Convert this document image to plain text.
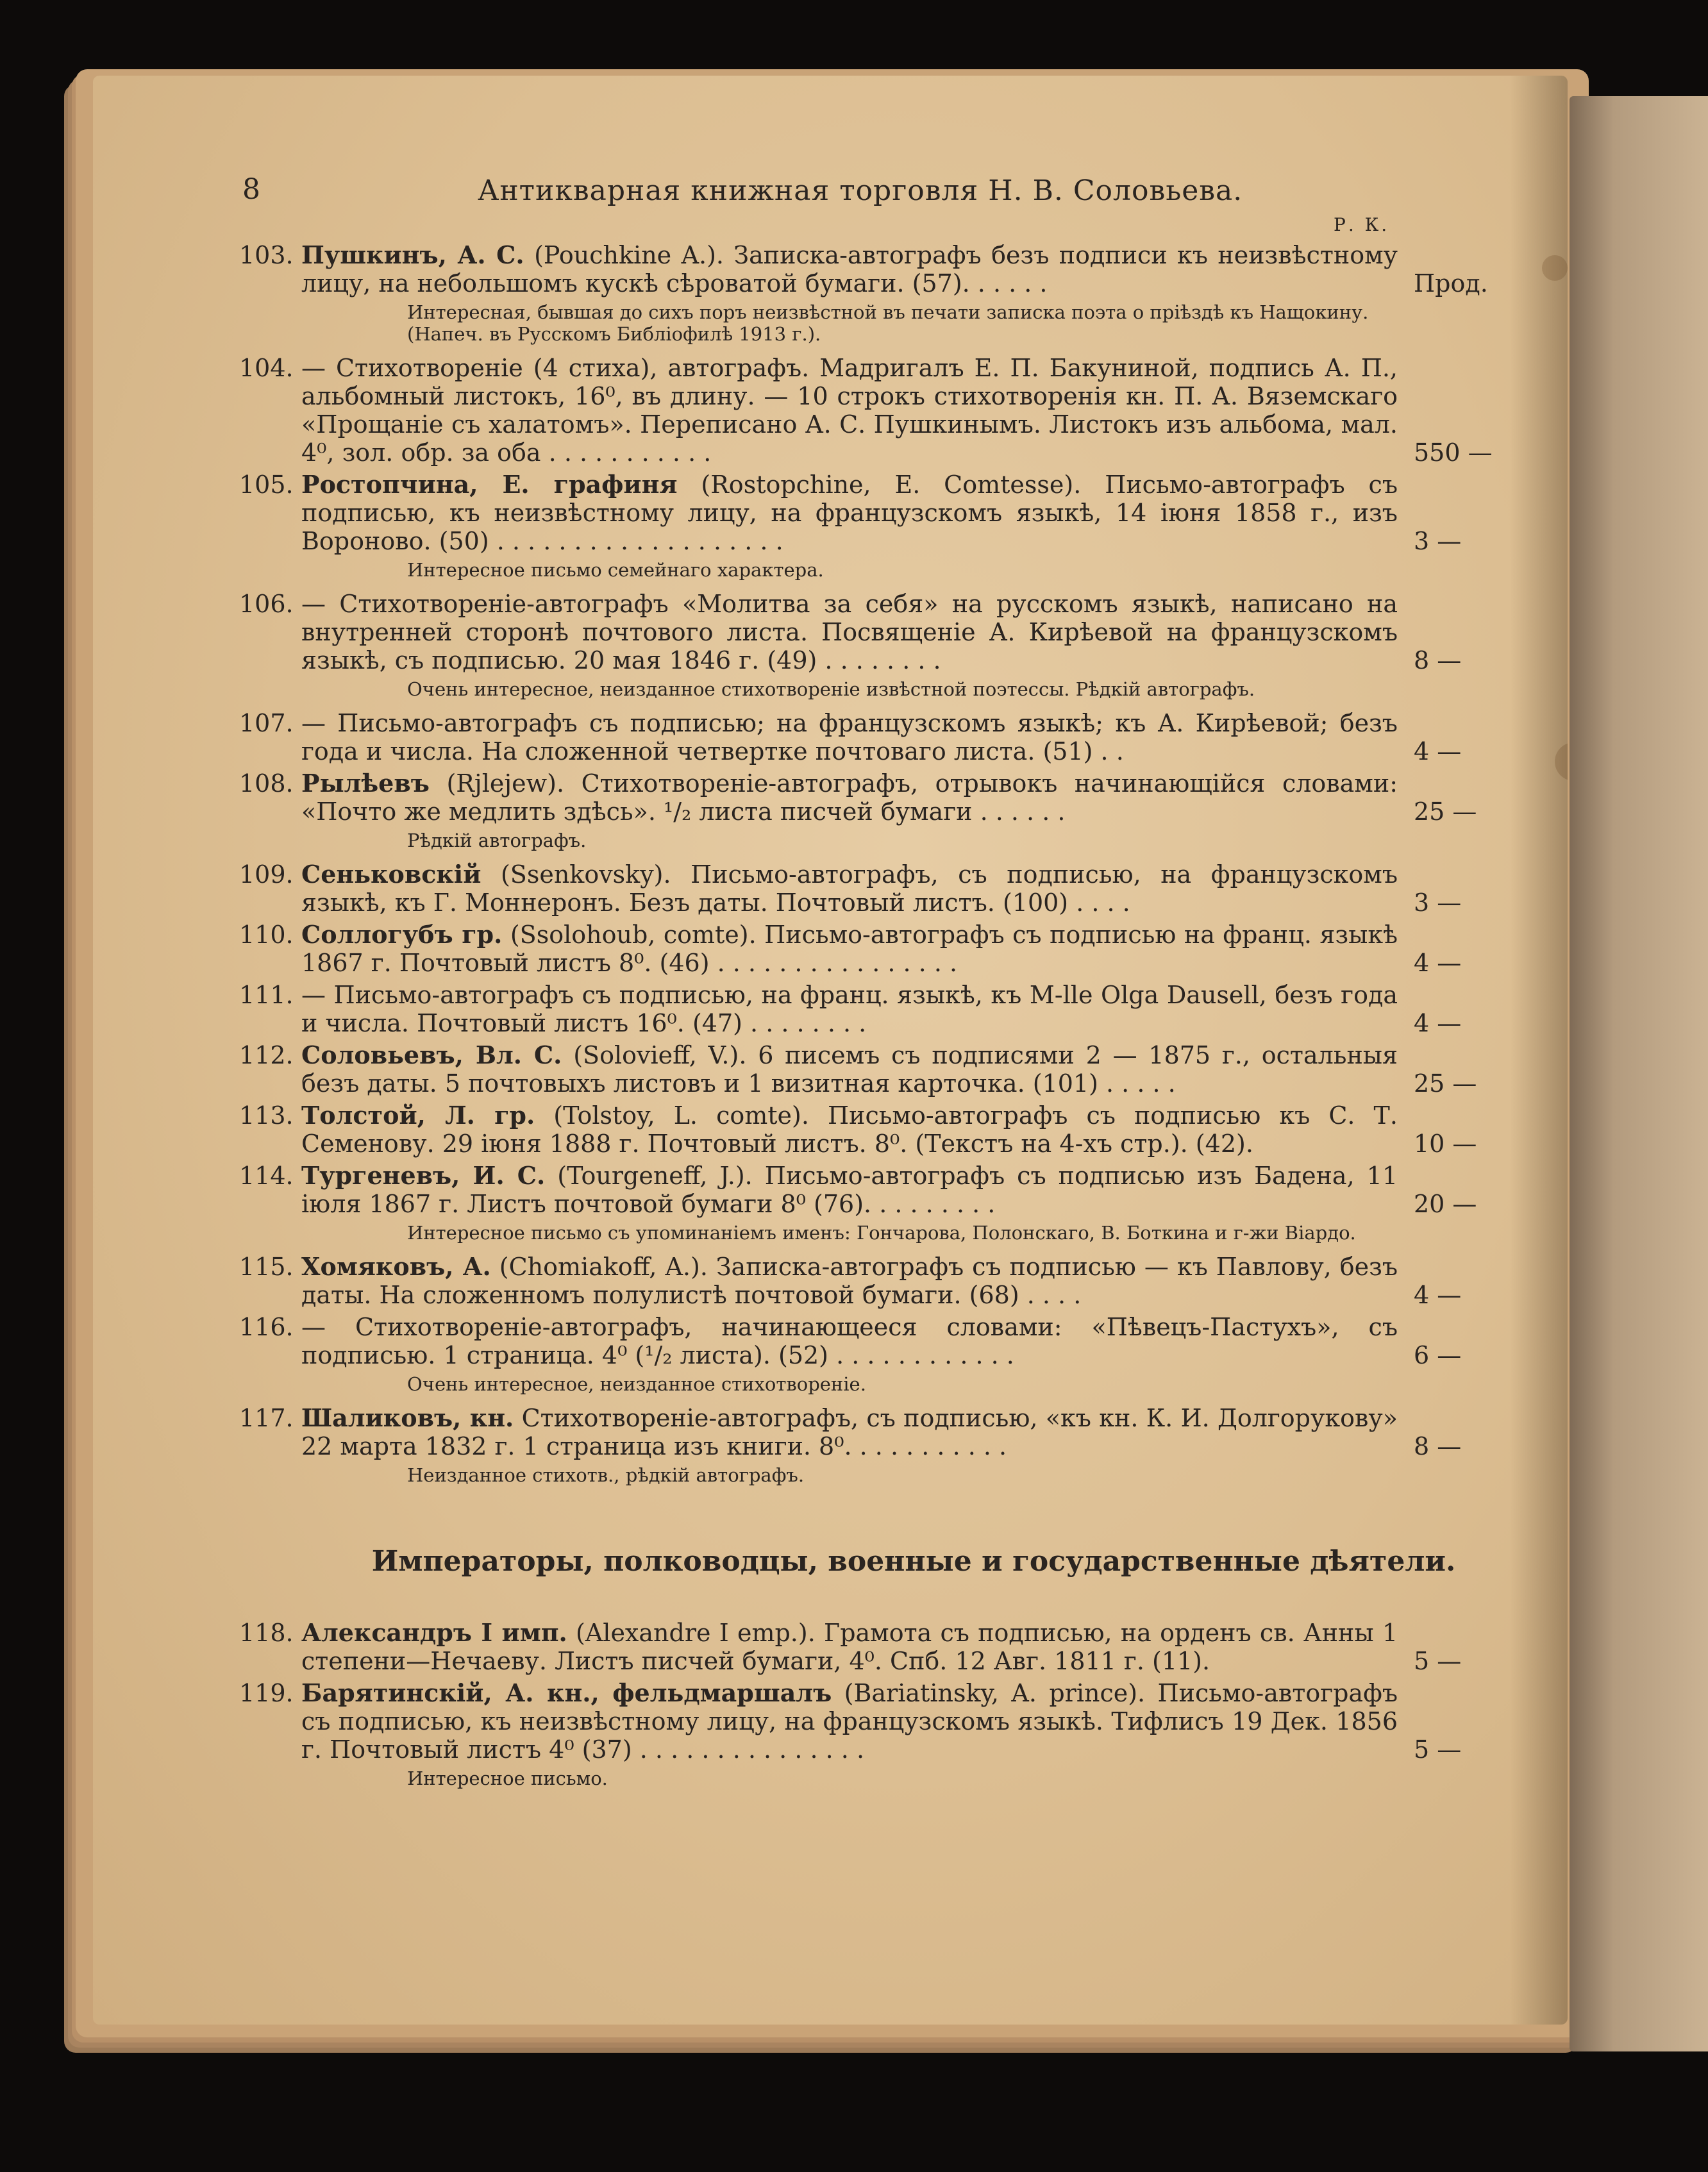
8	Антикварная книжная торговля Н. В. Соловьева.
Р. К.
103. Пушкинъ, А. С. (Pouchkine A.). Записка-автографъ безъ подписи къ неизвѣстному лицу, на небольшомъ кускѣ сѣроватой бумаги. (57). . . . . .	Прод.
Интересная, бывшая до сихъ поръ неизвѣстной въ печати записка поэта о пріѣздѣ къ Нащокину. (Напеч. въ Русскомъ Библіофилѣ 1913 г.).
104. — Стихотвореніе (4 стиха), автографъ. Мадригалъ Е. П. Бакуниной, подпись А. П., альбомный листокъ, 16⁰, въ длину. — 10 строкъ стихотворенія кн. П. А. Вяземскаго «Прощаніе съ халатомъ». Переписано А. С. Пушкинымъ. Листокъ изъ альбома, мал. 4⁰, зол. обр. за оба . . . . . . . . . . .	550 —
105. Ростопчина, Е. графиня (Rostopchine, E. Comtesse). Письмо-автографъ съ подписью, къ неизвѣстному лицу, на французскомъ языкѣ, 14 іюня 1858 г., изъ Вороново. (50) . . . . . . . . . . . . . . . . . . .	3 —
Интересное письмо семейнаго характера.
106. — Стихотвореніе-автографъ «Молитва за себя» на русскомъ языкѣ, написано на внутренней сторонѣ почтового листа. Посвященіе А. Кирѣевой на французскомъ языкѣ, съ подписью. 20 мая 1846 г. (49) . . . . . . . .	8 —
Очень интересное, неизданное стихотвореніе извѣстной поэтессы. Рѣдкій автографъ.
107. — Письмо-автографъ съ подписью; на французскомъ языкѣ; къ А. Кирѣевой; безъ года и числа. На сложенной четвертке почтоваго листа. (51) . .	4 —
108. Рылѣевъ (Rjlejew). Стихотвореніе-автографъ, отрывокъ начинающійся словами: «Почто же медлить здѣсь». ¹/₂ листа писчей бумаги . . . . . .	25 —
Рѣдкій автографъ.
109. Сеньковскій (Ssenkovsky). Письмо-автографъ, съ подписью, на французскомъ языкѣ, къ Г. Моннеронъ. Безъ даты. Почтовый листъ. (100) . . . .	3 —
110. Соллогубъ гр. (Ssolohoub, comte). Письмо-автографъ съ подписью на франц. языкѣ 1867 г. Почтовый листъ 8⁰. (46) . . . . . . . . . . . . . . . .	4 —
111. — Письмо-автографъ съ подписью, на франц. языкѣ, къ M-lle Olga Dausell, безъ года и числа. Почтовый листъ 16⁰. (47) . . . . . . . .	4 —
112. Соловьевъ, Вл. С. (Solovieff, V.). 6 писемъ съ подписями 2 — 1875 г., остальныя безъ даты. 5 почтовыхъ листовъ и 1 визитная карточка. (101) . . . . .	25 —
113. Толстой, Л. гр. (Tolstoy, L. comte). Письмо-автографъ съ подписью къ С. Т. Семенову. 29 іюня 1888 г. Почтовый листъ. 8⁰. (Текстъ на 4-хъ стр.). (42).	10 —
114. Тургеневъ, И. С. (Tourgeneff, J.). Письмо-автографъ съ подписью изъ Бадена, 11 іюля 1867 г. Листъ почтовой бумаги 8⁰ (76). . . . . . . . .	20 —
Интересное письмо съ упоминаніемъ именъ: Гончарова, Полонскаго, В. Боткина и г-жи Віардо.
115. Хомяковъ, А. (Chomiakoff, A.). Записка-автографъ съ подписью — къ Павлову, безъ даты. На сложенномъ полулистѣ почтовой бумаги. (68) . . . .	4 —
116. — Стихотвореніе-автографъ, начинающееся словами: «Пѣвецъ-Пастухъ», съ подписью. 1 страница. 4⁰ (¹/₂ листа). (52) . . . . . . . . . . . .	6 —
Очень интересное, неизданное стихотвореніе.
117. Шаликовъ, кн. Стихотвореніе-автографъ, съ подписью, «къ кн. К. И. Долгорукову» 22 марта 1832 г. 1 страница изъ книги. 8⁰. . . . . . . . . . .	8 —
Неизданное стихотв., рѣдкій автографъ.
Императоры, полководцы, военные и государственные дѣятели.
118. Александръ I имп. (Alexandre I emp.). Грамота съ подписью, на орденъ св. Анны 1 степени—Нечаеву. Листъ писчей бумаги, 4⁰. Спб. 12 Авг. 1811 г. (11).	5 —
119. Барятинскій, А. кн., фельдмаршалъ (Bariatinsky, A. prince). Письмо-автографъ съ подписью, къ неизвѣстному лицу, на французскомъ языкѣ. Тифлисъ 19 Дек. 1856 г. Почтовый листъ 4⁰ (37) . . . . . . . . . . . . . . .	5 —
Интересное письмо.
